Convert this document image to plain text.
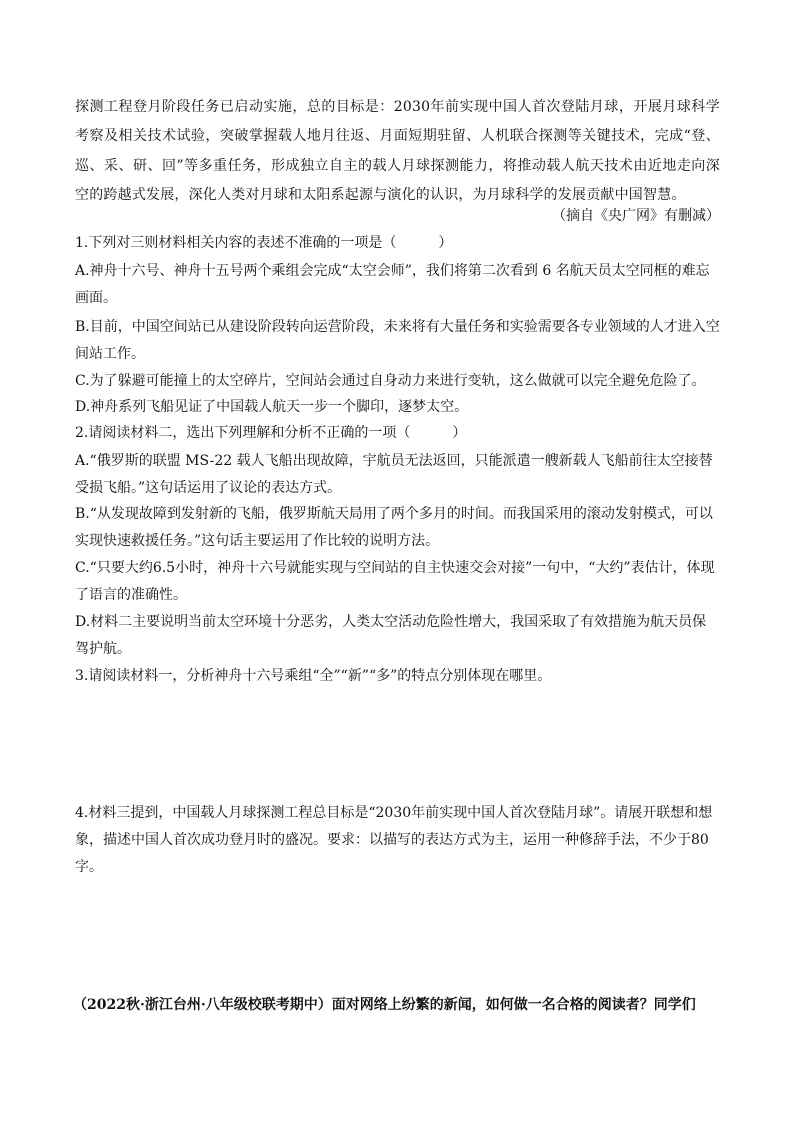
探测工程登月阶段任务已启动实施，总的目标是：2030年前实现中国人首次登陆月球，开展月球科学考察及相关技术试验，突破掌握载人地月往返、月面短期驻留、人机联合探测等关键技术，完成“登、巡、采、研、回”等多重任务，形成独立自主的载人月球探测能力，将推动载人航天技术由近地走向深空的跨越式发展，深化人类对月球和太阳系起源与演化的认识，为月球科学的发展贡献中国智慧。
（摘自《央广网》有删减）
1.下列对三则材料相关内容的表述不准确的一项是（　　　）
A.神舟十六号、神舟十五号两个乘组会完成“太空会师”，我们将第二次看到 6 名航天员太空同框的难忘画面。
B.目前，中国空间站已从建设阶段转向运营阶段，未来将有大量任务和实验需要各专业领域的人才进入空间站工作。
C.为了躲避可能撞上的太空碎片，空间站会通过自身动力来进行变轨，这么做就可以完全避免危险了。
D.神舟系列飞船见证了中国载人航天一步一个脚印，逐梦太空。
2.请阅读材料二，选出下列理解和分析不正确的一项（　　　）
A.“俄罗斯的联盟 MS-22 载人飞船出现故障，宇航员无法返回，只能派遣一艘新载人飞船前往太空接替受损飞船。”这句话运用了议论的表达方式。
B.“从发现故障到发射新的飞船，俄罗斯航天局用了两个多月的时间。而我国采用的滚动发射模式，可以实现快速救援任务。”这句话主要运用了作比较的说明方法。
C.“只要大约6.5小时，神舟十六号就能实现与空间站的自主快速交会对接”一句中，“大约”表估计，体现了语言的准确性。
D.材料二主要说明当前太空环境十分恶劣，人类太空活动危险性增大，我国采取了有效措施为航天员保驾护航。
3.请阅读材料一，分析神舟十六号乘组“全”“新”“多”的特点分别体现在哪里。
4.材料三提到，中国载人月球探测工程总目标是“2030年前实现中国人首次登陆月球”。请展开联想和想象，描述中国人首次成功登月时的盛况。要求：以描写的表达方式为主，运用一种修辞手法，不少于80字。
（2022秋·浙江台州·八年级校联考期中）面对网络上纷繁的新闻，如何做一名合格的阅读者？同学们
